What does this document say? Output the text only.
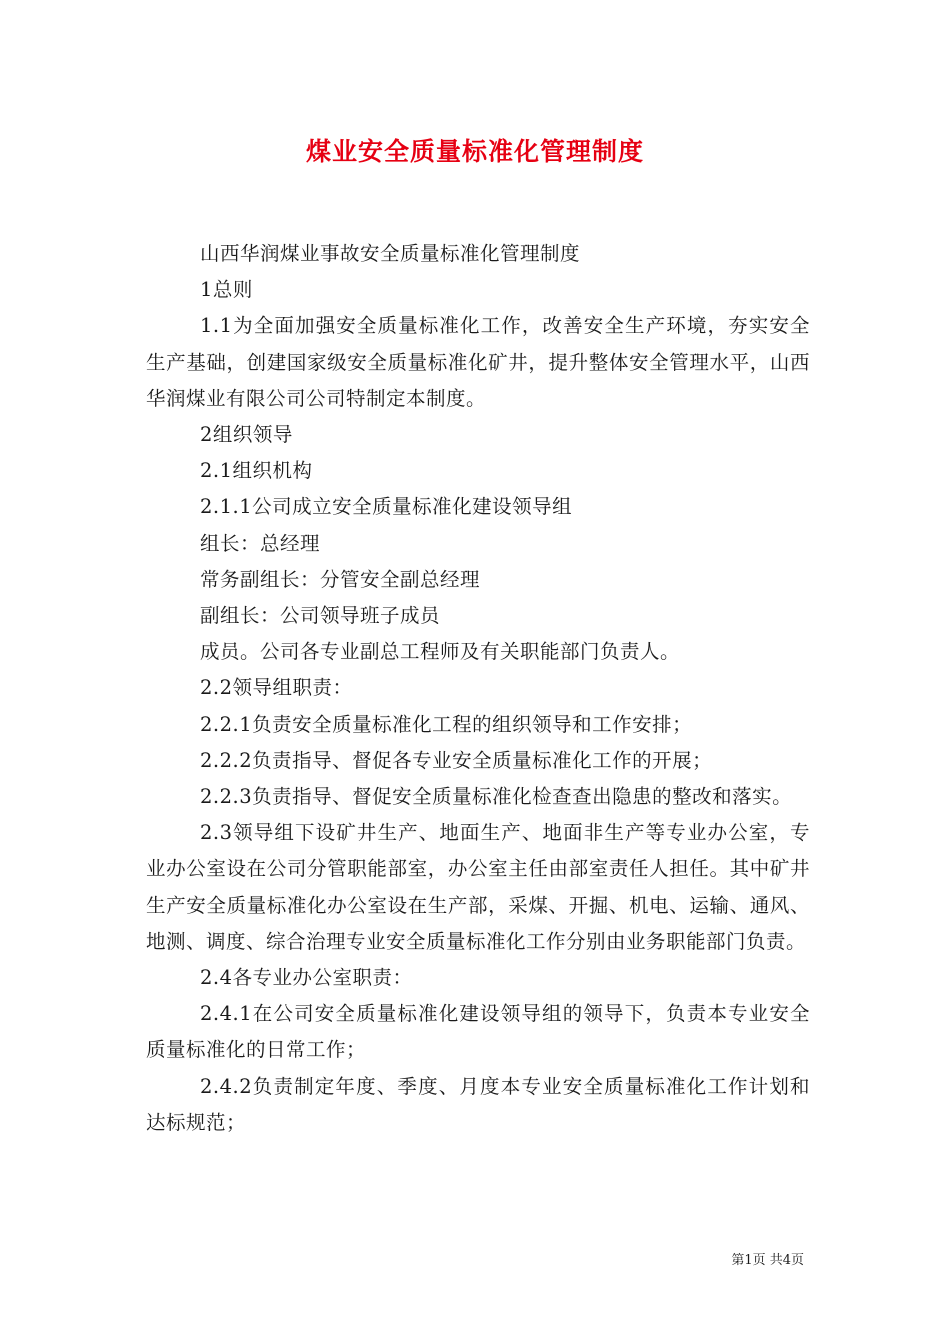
煤业安全质量标准化管理制度

山西华润煤业事故安全质量标准化管理制度

1总则

1.1为全面加强安全质量标准化工作，改善安全生产环境，夯实安全生产基础，创建国家级安全质量标准化矿井，提升整体安全管理水平，山西华润煤业有限公司公司特制定本制度。

2组织领导

2.1组织机构

2.1.1公司成立安全质量标准化建设领导组

组长：总经理

常务副组长：分管安全副总经理

副组长：公司领导班子成员

成员。公司各专业副总工程师及有关职能部门负责人。

2.2领导组职责：

2.2.1负责安全质量标准化工程的组织领导和工作安排；

2.2.2负责指导、督促各专业安全质量标准化工作的开展；

2.2.3负责指导、督促安全质量标准化检查查出隐患的整改和落实。

2.3领导组下设矿井生产、地面生产、地面非生产等专业办公室，专业办公室设在公司分管职能部室，办公室主任由部室责任人担任。其中矿井生产安全质量标准化办公室设在生产部，采煤、开掘、机电、运输、通风、地测、调度、综合治理专业安全质量标准化工作分别由业务职能部门负责。

2.4各专业办公室职责：

2.4.1在公司安全质量标准化建设领导组的领导下，负责本专业安全质量标准化的日常工作；

2.4.2负责制定年度、季度、月度本专业安全质量标准化工作计划和达标规范；

第1页 共4页
